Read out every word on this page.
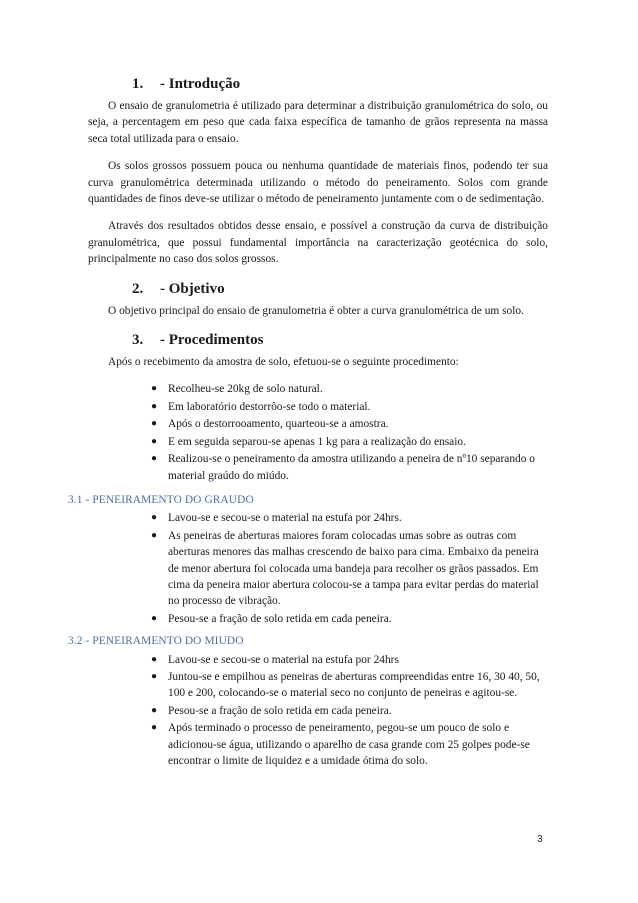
1. - Introdução

O ensaio de granulometria é utilizado para determinar a distribuição granulométrica do solo, ou seja, a percentagem em peso que cada faixa específica de tamanho de grãos representa na massa seca total utilizada para o ensaio.

Os solos grossos possuem pouca ou nenhuma quantidade de materiais finos, podendo ter sua curva granulométrica determinada utilizando o método do peneiramento. Solos com grande quantidades de finos deve-se utilizar o método de peneiramento juntamente com o de sedimentação.

Através dos resultados obtidos desse ensaio, e possível a construção da curva de distribuição granulométrica, que possui fundamental importância na caracterização geotécnica do solo, principalmente no caso dos solos grossos.

2. - Objetivo

O objetivo principal do ensaio de granulometria é obter a curva granulométrica de um solo.

3. - Procedimentos

Após o recebimento da amostra de solo, efetuou-se o seguinte procedimento:

● Recolheu-se 20kg de solo natural.
● Em laboratório destorrôo-se todo o material.
● Após o destorrooamento, quarteou-se a amostra.
● E em seguida separou-se apenas 1 kg para a realização do ensaio.
● Realizou-se o peneiramento da amostra utilizando a peneira de nº10 separando o material graúdo do miúdo.
3.1 - PENEIRAMENTO DO GRAUDO
● Lavou-se e secou-se o material na estufa por 24hrs.
● As peneiras de aberturas maiores foram colocadas umas sobre as outras com aberturas menores das malhas crescendo de baixo para cima. Embaixo da peneira de menor abertura foi colocada uma bandeja para recolher os grãos passados. Em cima da peneira maior abertura colocou-se a tampa para evitar perdas do material no processo de vibração.
● Pesou-se a fração de solo retida em cada peneira.
3.2 - PENEIRAMENTO DO MIUDO
● Lavou-se e secou-se o material na estufa por 24hrs
● Juntou-se e empilhou as peneiras de aberturas compreendidas entre 16, 30 40, 50, 100 e 200, colocando-se o material seco no conjunto de peneiras e agitou-se.
● Pesou-se a fração de solo retida em cada peneira.
● Após terminado o processo de peneiramento, pegou-se um pouco de solo e adicionou-se água, utilizando o aparelho de casa grande com 25 golpes pode-se encontrar o limite de liquidez e a umidade ótima do solo.
3
